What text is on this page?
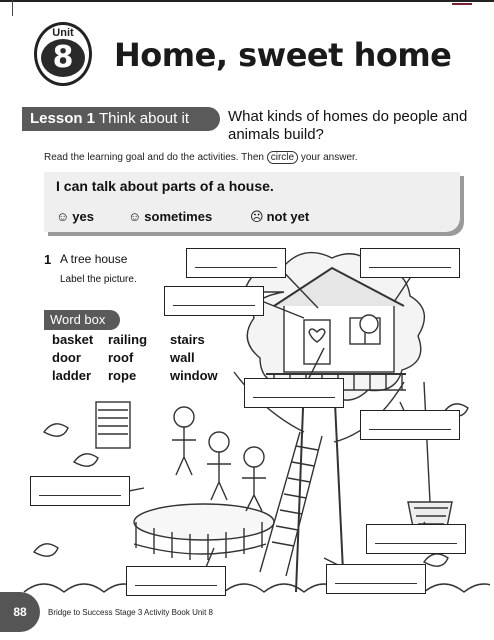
Unit
8	Home, sweet home
Lesson 1 Think about it	What kinds of homes do people and animals build?
Read the learning goal and do the activities. Then circle your answer.
I can talk about parts of a house.
☺ yes	☺ sometimes	☹ not yet
1 A tree house
Label the picture.
Word box
basket railing stairs
door roof	wall
ladder rope	window
88	Bridge to Success Stage 3 Activity Book Unit 8
